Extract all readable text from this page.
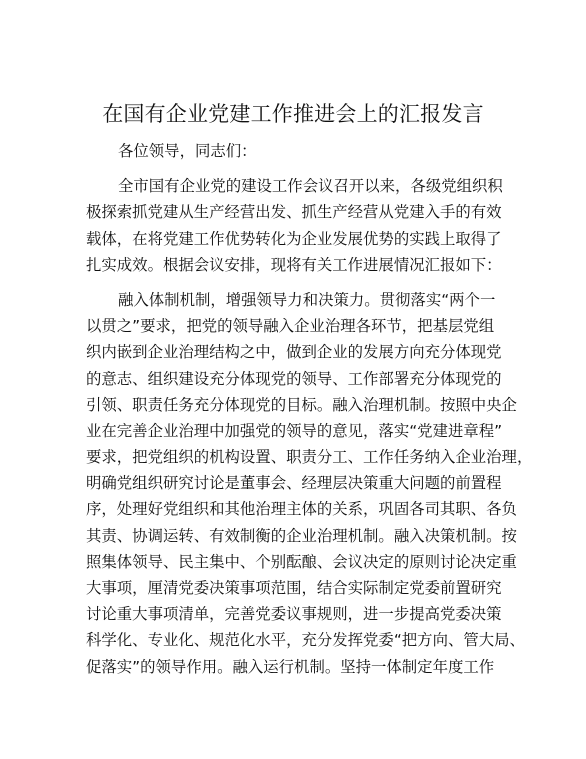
在国有企业党建工作推进会上的汇报发言
各位领导，同志们：
全市国有企业党的建设工作会议召开以来，各级党组织积
极探索抓党建从生产经营出发、抓生产经营从党建入手的有效
载体，在将党建工作优势转化为企业发展优势的实践上取得了
扎实成效。根据会议安排，现将有关工作进展情况汇报如下：
融入体制机制，增强领导力和决策力。贯彻落实“两个一
以贯之”要求，把党的领导融入企业治理各环节，把基层党组
织内嵌到企业治理结构之中，做到企业的发展方向充分体现党
的意志、组织建设充分体现党的领导、工作部署充分体现党的
引领、职责任务充分体现党的目标。融入治理机制。按照中央企
业在完善企业治理中加强党的领导的意见，落实“党建进章程”
要求，把党组织的机构设置、职责分工、工作任务纳入企业治理，
明确党组织研究讨论是董事会、经理层决策重大问题的前置程
序，处理好党组织和其他治理主体的关系，巩固各司其职、各负
其责、协调运转、有效制衡的企业治理机制。融入决策机制。按
照集体领导、民主集中、个别酝酿、会议决定的原则讨论决定重
大事项，厘清党委决策事项范围，结合实际制定党委前置研究
讨论重大事项清单，完善党委议事规则，进一步提高党委决策
科学化、专业化、规范化水平，充分发挥党委“把方向、管大局、
促落实”的领导作用。融入运行机制。坚持一体制定年度工作
